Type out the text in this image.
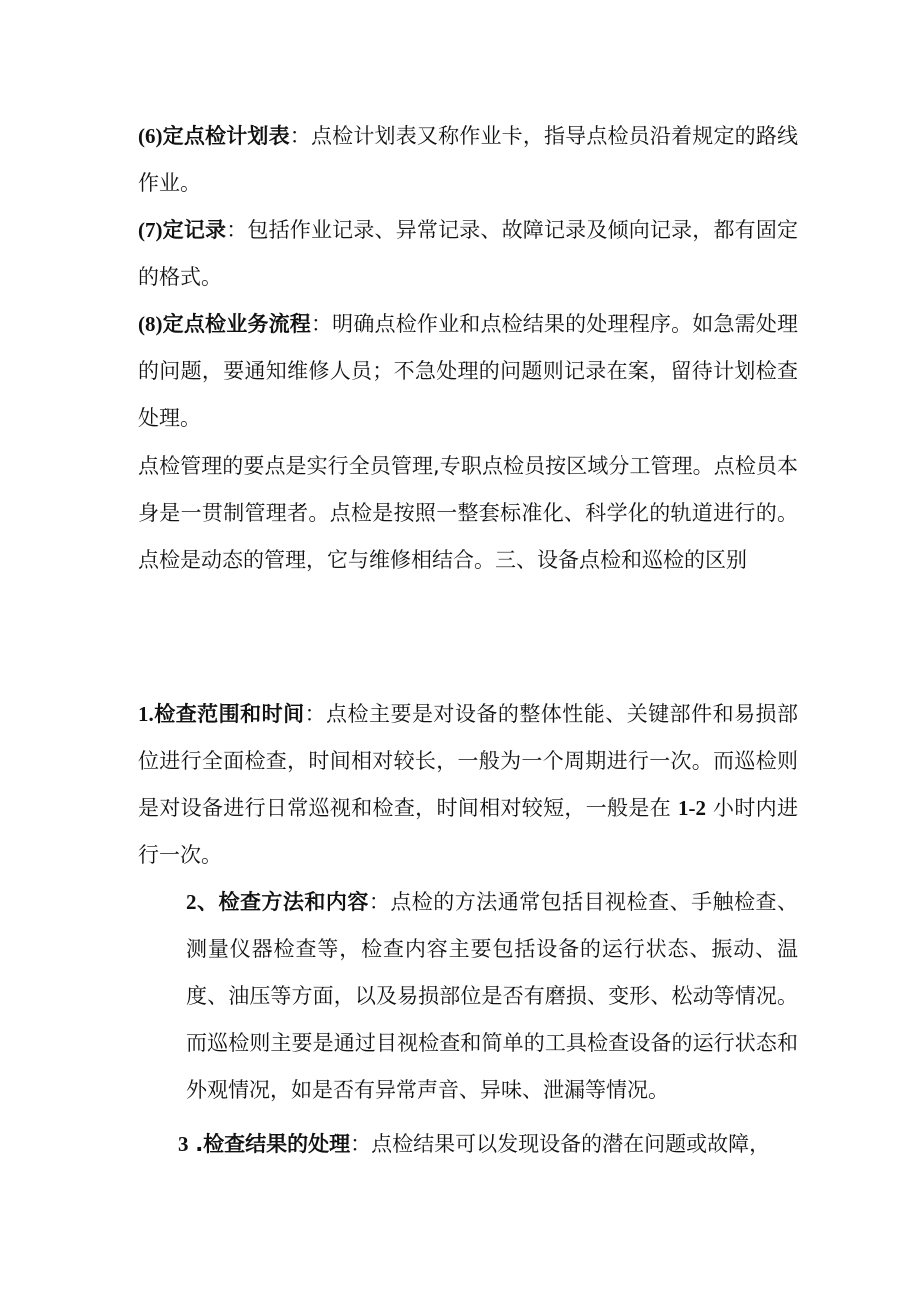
(6)定点检计划表：点检计划表又称作业卡，指导点检员沿着规定的路线作业。

(7)定记录：包括作业记录、异常记录、故障记录及倾向记录，都有固定的格式。

(8)定点检业务流程：明确点检作业和点检结果的处理程序。如急需处理的问题，要通知维修人员；不急处理的问题则记录在案，留待计划检查处理。

点检管理的要点是实行全员管理,专职点检员按区域分工管理。点检员本身是一贯制管理者。点检是按照一整套标准化、科学化的轨道进行的。点检是动态的管理，它与维修相结合。三、设备点检和巡检的区别

1.检查范围和时间：点检主要是对设备的整体性能、关键部件和易损部位进行全面检查，时间相对较长，一般为一个周期进行一次。而巡检则是对设备进行日常巡视和检查，时间相对较短，一般是在 1-2 小时内进行一次。

2、检查方法和内容：点检的方法通常包括目视检查、手触检查、测量仪器检查等，检查内容主要包括设备的运行状态、振动、温度、油压等方面，以及易损部位是否有磨损、变形、松动等情况。而巡检则主要是通过目视检查和简单的工具检查设备的运行状态和外观情况，如是否有异常声音、异味、泄漏等情况。

3 .检查结果的处理：点检结果可以发现设备的潜在问题或故障，
